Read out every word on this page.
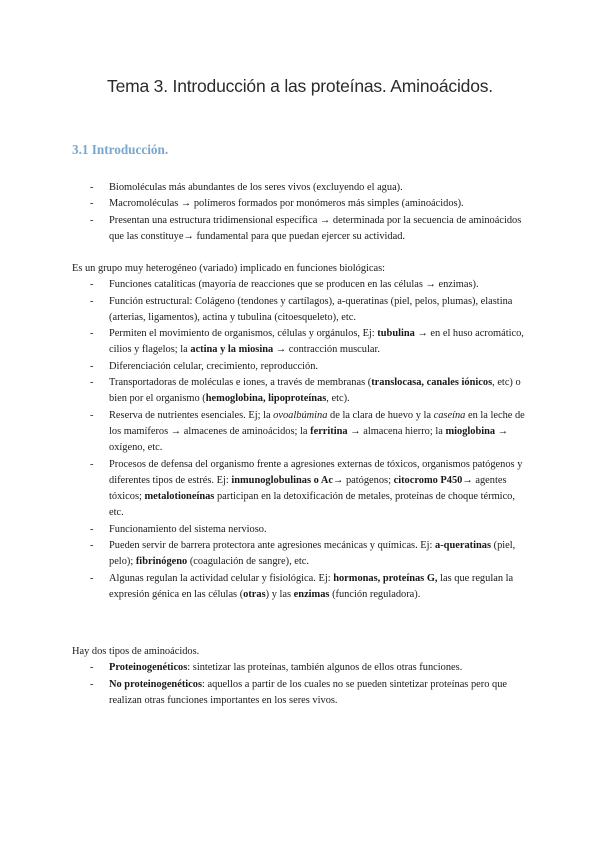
Tema 3. Introducción a las proteínas. Aminoácidos.
3.1 Introducción.
- Biomoléculas más abundantes de los seres vivos (excluyendo el agua).
- Macromoléculas → polímeros formados por monómeros más simples (aminoácidos).
- Presentan una estructura tridimensional específica → determinada por la secuencia de aminoácidos que las constituye→ fundamental para que puedan ejercer su actividad.

Es un grupo muy heterogéneo (variado) implicado en funciones biológicas:

- Funciones catalíticas (mayoría de reacciones que se producen en las células → enzimas).
- Función estructural: Colágeno (tendones y cartílagos), a-queratinas (piel, pelos, plumas), elastina (arterias, ligamentos), actina y tubulina (citoesqueleto), etc.
- Permiten el movimiento de organismos, células y orgánulos, Ej: tubulina → en el huso acromático, cilios y flagelos; la actina y la miosina → contracción muscular.
- Diferenciación celular, crecimiento, reproducción.
- Transportadoras de moléculas e iones, a través de membranas (translocasa, canales iónicos, etc) o bien por el organismo (hemoglobina, lipoproteínas, etc).
- Reserva de nutrientes esenciales. Ej; la ovoalbúmina de la clara de huevo y la caseína en la leche de los mamíferos → almacenes de aminoácidos; la ferritina → almacena hierro; la mioglobina → oxígeno, etc.
- Procesos de defensa del organismo frente a agresiones externas de tóxicos, organismos patógenos y diferentes tipos de estrés. Ej: inmunoglobulinas o Ac→ patógenos; citocromo P450→ agentes tóxicos; metalotioneínas participan en la detoxificación de metales, proteínas de choque térmico, etc.
- Funcionamiento del sistema nervioso.
- Pueden servir de barrera protectora ante agresiones mecánicas y químicas. Ej: a-queratinas (piel, pelo); fibrinógeno (coagulación de sangre), etc.
- Algunas regulan la actividad celular y fisiológica. Ej: hormonas, proteínas G, las que regulan la expresión génica en las células (otras) y las enzimas (función reguladora).

Hay dos tipos de aminoácidos.

- Proteinogenéticos: sintetizar las proteínas, también algunos de ellos otras funciones.
- No proteinogenéticos: aquellos a partir de los cuales no se pueden sintetizar proteínas pero que realizan otras funciones importantes en los seres vivos.
